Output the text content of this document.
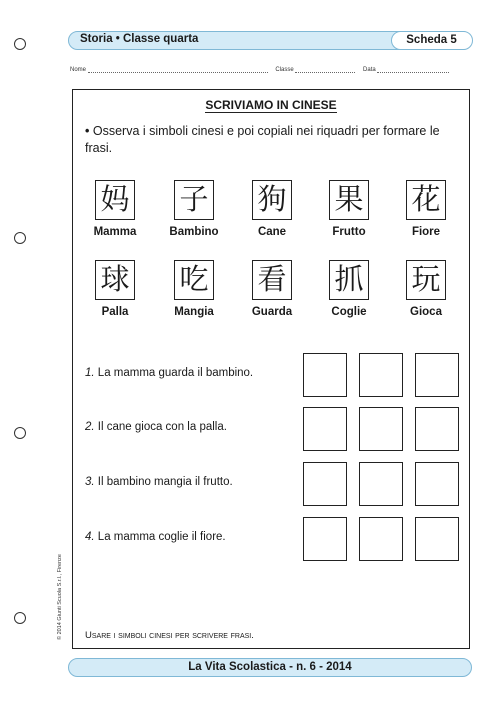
Storia • Classe quarta	Scheda 5
Nome	Classe	Data
SCRIVIAMO IN CINESE
• Osserva i simboli cinesi e poi copiali nei riquadri per formare le frasi.
妈
Mamma
子
Bambino
狗
Cane
果
Frutto
花
Fiore
球
Palla
吃
Mangia
看
Guarda
抓
Coglie
玩
Gioca
1. La mamma guarda il bambino.
2. Il cane gioca con la palla.
3. Il bambino mangia il frutto.
4. La mamma coglie il fiore.
Usare i simboli cinesi per scrivere frasi.
© 2014 Giunti Scuola S.r.l., Firenze
La Vita Scolastica - n. 6 - 2014
